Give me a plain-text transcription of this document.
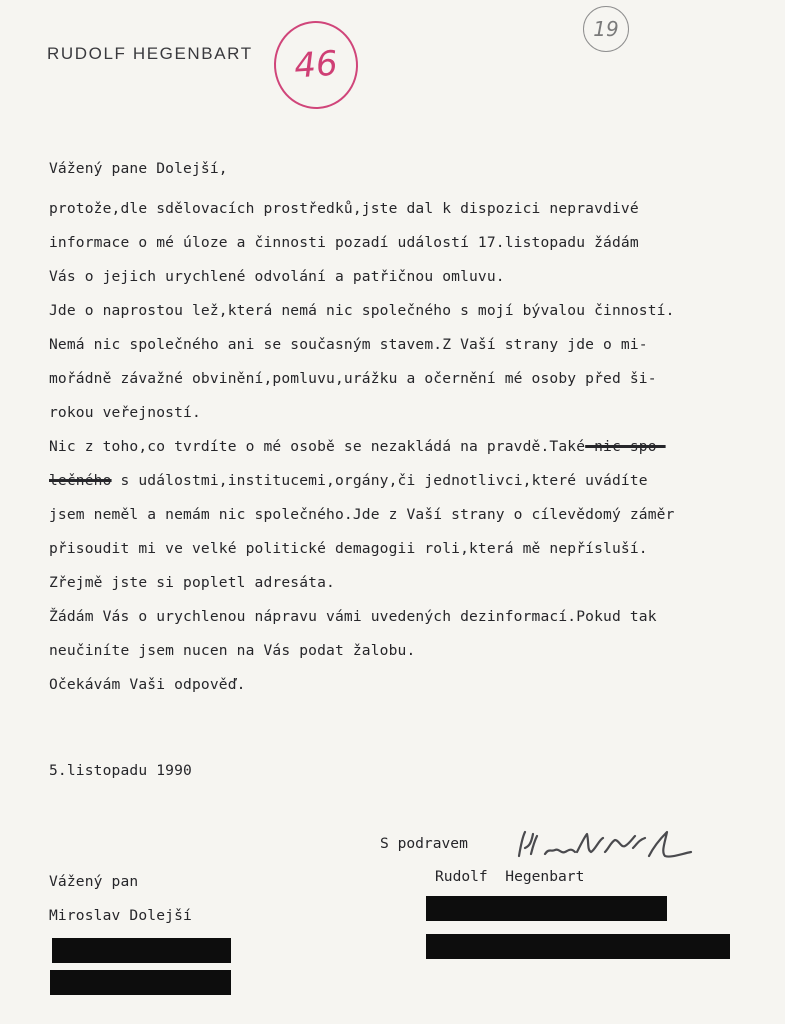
RUDOLF HEGENBART 46
19
Vážený pane Dolejší,
protože,dle sdělovacích prostředků,jste dal k dispozici nepravdivé
informace o mé úloze a činnosti pozadí událostí 17.listopadu žádám
Vás o jejich urychlené odvolání a patřičnou omluvu.
Jde o naprostou lež,která nemá nic společného s mojí bývalou činností.
Nemá nic společného ani se současným stavem.Z Vaší strany jde o mi-
mořádně závažné obvinění,pomluvu,urážku a očernění mé osoby před ši-
rokou veřejností.
Nic z toho,co tvrdíte o mé osobě se nezakládá na pravdě.Také nic spo-
lečného s událostmi,institucemi,orgány,či jednotlivci,které uvádíte
jsem neměl a nemám nic společného.Jde z Vaší strany o cílevědomý záměr
přisoudit mi ve velké politické demagogii roli,která mě nepřísluší.
Zřejmě jste si popletl adresáta.
Žádám Vás o urychlenou nápravu vámi uvedených dezinformací.Pokud tak
neučiníte jsem nucen na Vás podat žalobu.
Očekávám Vaši odpověď.
5.listopadu 1990
S podravem
Rudolf  Hegenbart
Vážený pan
Miroslav Dolejší
